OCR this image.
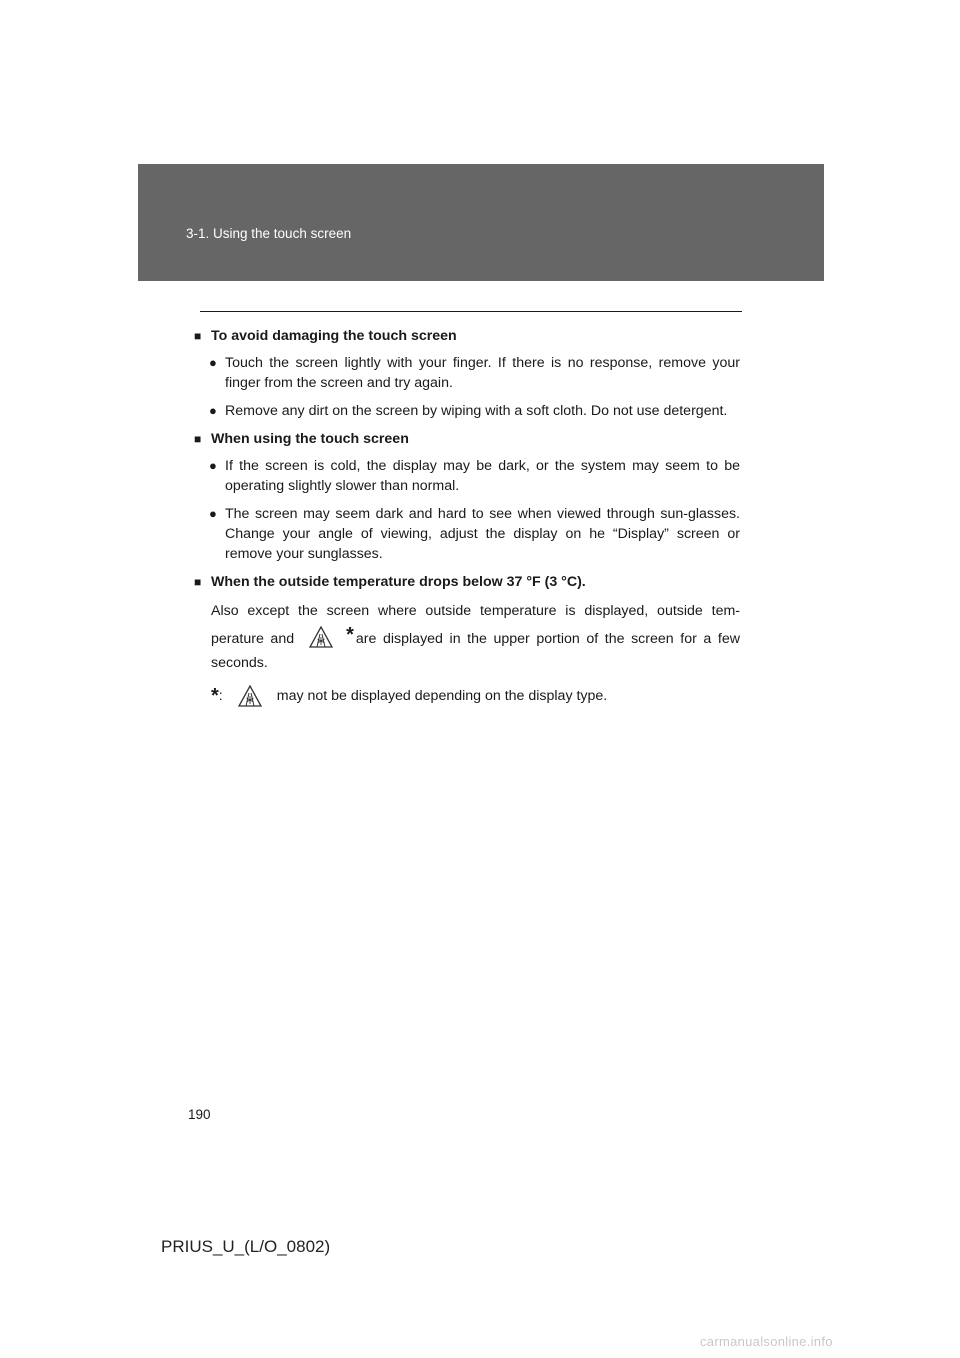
3-1. Using the touch screen
■
To avoid damaging the touch screen
●
Touch the screen lightly with your finger. If there is no response, remove your finger from the screen and try again.
●
Remove any dirt on the screen by wiping with a soft cloth. Do not use detergent.
■
When using the touch screen
●
If the screen is cold, the display may be dark, or the system may seem to be operating slightly slower than normal.
●
The screen may seem dark and hard to see when viewed through sun-glasses. Change your angle of viewing, adjust the display on he “Display” screen or remove your sunglasses.
■
When the outside temperature drops below 37 °F (3 °C).
Also except the screen where outside temperature is displayed, outside tem-perature and	* are displayed in the upper portion of the screen for a few seconds.
* :	may not be displayed depending on the display type.
190
PRIUS_U_(L/O_0802)
carmanualsonline.info
